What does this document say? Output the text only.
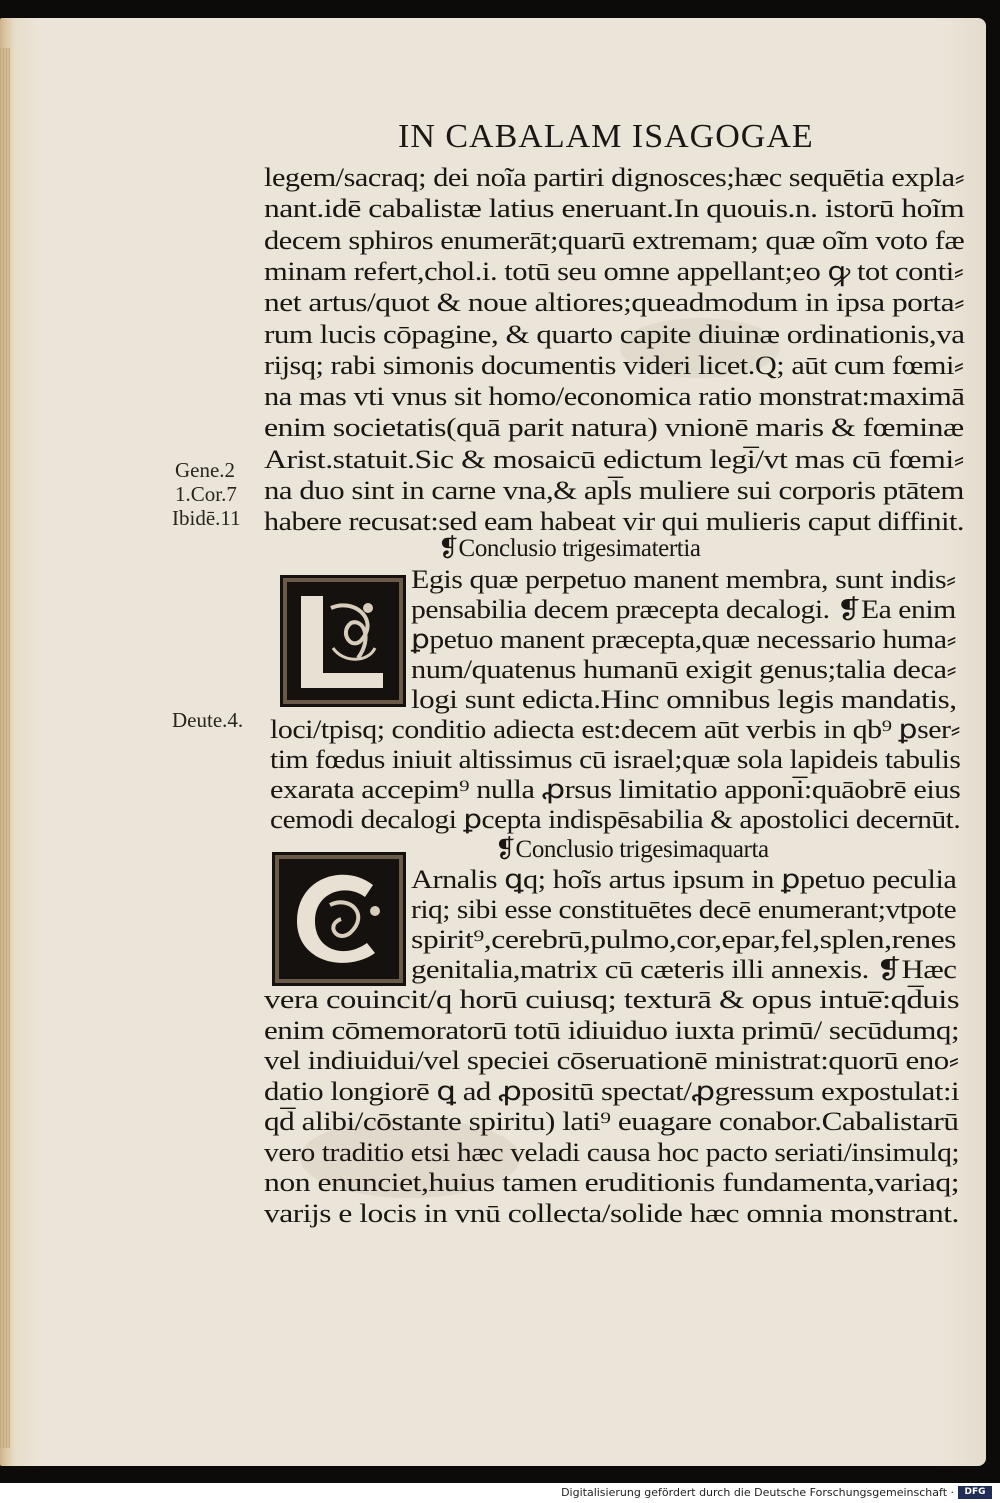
IN CABALAM ISAGOGAE
legem/sacraq; dei noĩa partiri dignosces;hæc sequētia expla⸗
nant.idē cabalistæ latius eneruant.In quouis.n. istorū hoĩm
decem sphiros enumerāt;quarū extremam; quæ oĩm voto fæ
minam refert,chol.i. totū seu omne appellant;eo ꝙ tot conti⸗
net artus/quot & noue altiores;queadmodum in ipsa porta⸗
rum lucis cōpagine, & quarto capite diuinæ ordinationis,va
rijsq; rabi simonis documentis videri licet.Q; aūt cum fœmi⸗
na mas vti vnus sit homo/economica ratio monstrat:maximā
enim societatis(quā parit natura) vnionē maris & fœminæ
Arist.statuit.Sic & mosaicū edictum legi̅/vt mas cū fœmi⸗
na duo sint in carne vna,& apl̅s muliere sui corporis ptātem
habere recusat:sed eam habeat vir qui mulieris caput diffinit.
❡Conclusio trigesimatertia
Egis quæ perpetuo manent membra, sunt indis⸗
pensabilia decem præcepta decalogi. ❡Ea enim
ꝑpetuo manent præcepta,quæ necessario huma⸗
num/quatenus humanū exigit genus;talia deca⸗
logi sunt edicta.Hinc omnibus legis mandatis,
loci/tpisq; conditio adiecta est:decem aūt verbis in qb⁹ ꝑser⸗
tim fœdus iniuit altissimus cū israel;quæ sola lapideis tabulis
exarata accepim⁹ nulla ꝓrsus limitatio apponi̅:quāobrē eius
cemodi decalogi ꝑcepta indispēsabilia & apostolici decernūt.
❡Conclusio trigesimaquarta
Arnalis ꝗq; hoĩs artus ipsum in ꝑpetuo peculia
riq; sibi esse constituētes decē enumerant;vtpote
spirit⁹,cerebrū,pulmo,cor,epar,fel,splen,renes
genitalia,matrix cū cæteris illi annexis. ❡Hæc
vera couincit/q horū cuiusq; texturā & opus intue̅:qd̅uis
enim cōmemoratorū totū idiuiduo iuxta primū/ secūdumq;
vel indiuidui/vel speciei cōseruationē ministrat:quorū eno⸗
datio longiorē ꝗ ad ꝓpositū spectat/ꝓgressum expostulat:i
qd̅ alibi/cōstante spiritu) lati⁹ euagare conabor.Cabalistarū
vero traditio etsi hæc veladi causa hoc pacto seriati/insimulq;
non enunciet,huius tamen eruditionis fundamenta,variaq;
varijs e locis in vnū collecta/solide hæc omnia monstrant.
Gene.2
1.Cor.7
Ibidē.11
Deute.4.
Digitalisierung gefördert durch die Deutsche Forschungsgemeinschaft ·	DFG
